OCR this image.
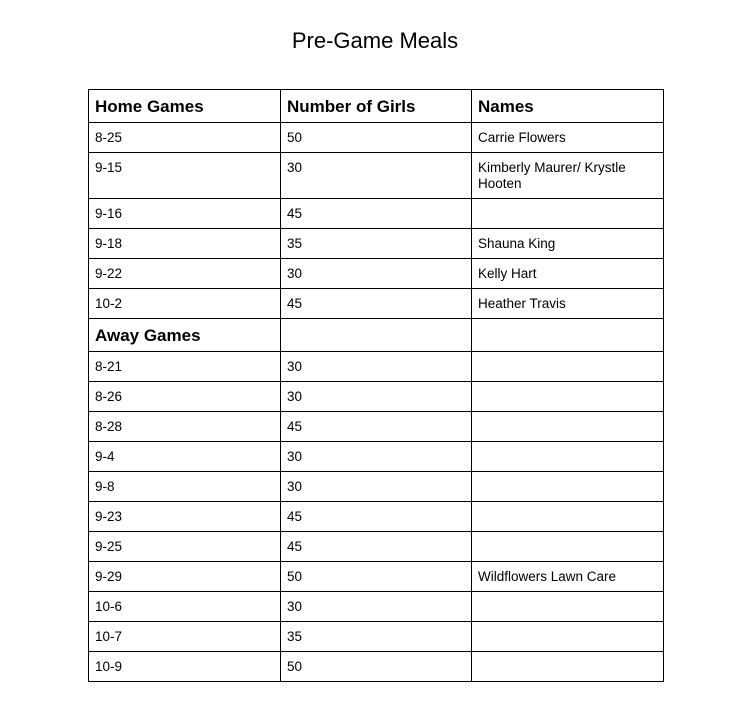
Pre-Game Meals
Home Games	Number of Girls	Names
8-25	50	Carrie Flowers
9-15	30	Kimberly Maurer/ Krystle Hooten
9-16	45	
9-18	35	Shauna King
9-22	30	Kelly Hart
10-2	45	Heather Travis
Away Games		
8-21	30	
8-26	30	
8-28	45	
9-4	30	
9-8	30	
9-23	45	
9-25	45	
9-29	50	Wildflowers Lawn Care
10-6	30	
10-7	35	
10-9	50	
